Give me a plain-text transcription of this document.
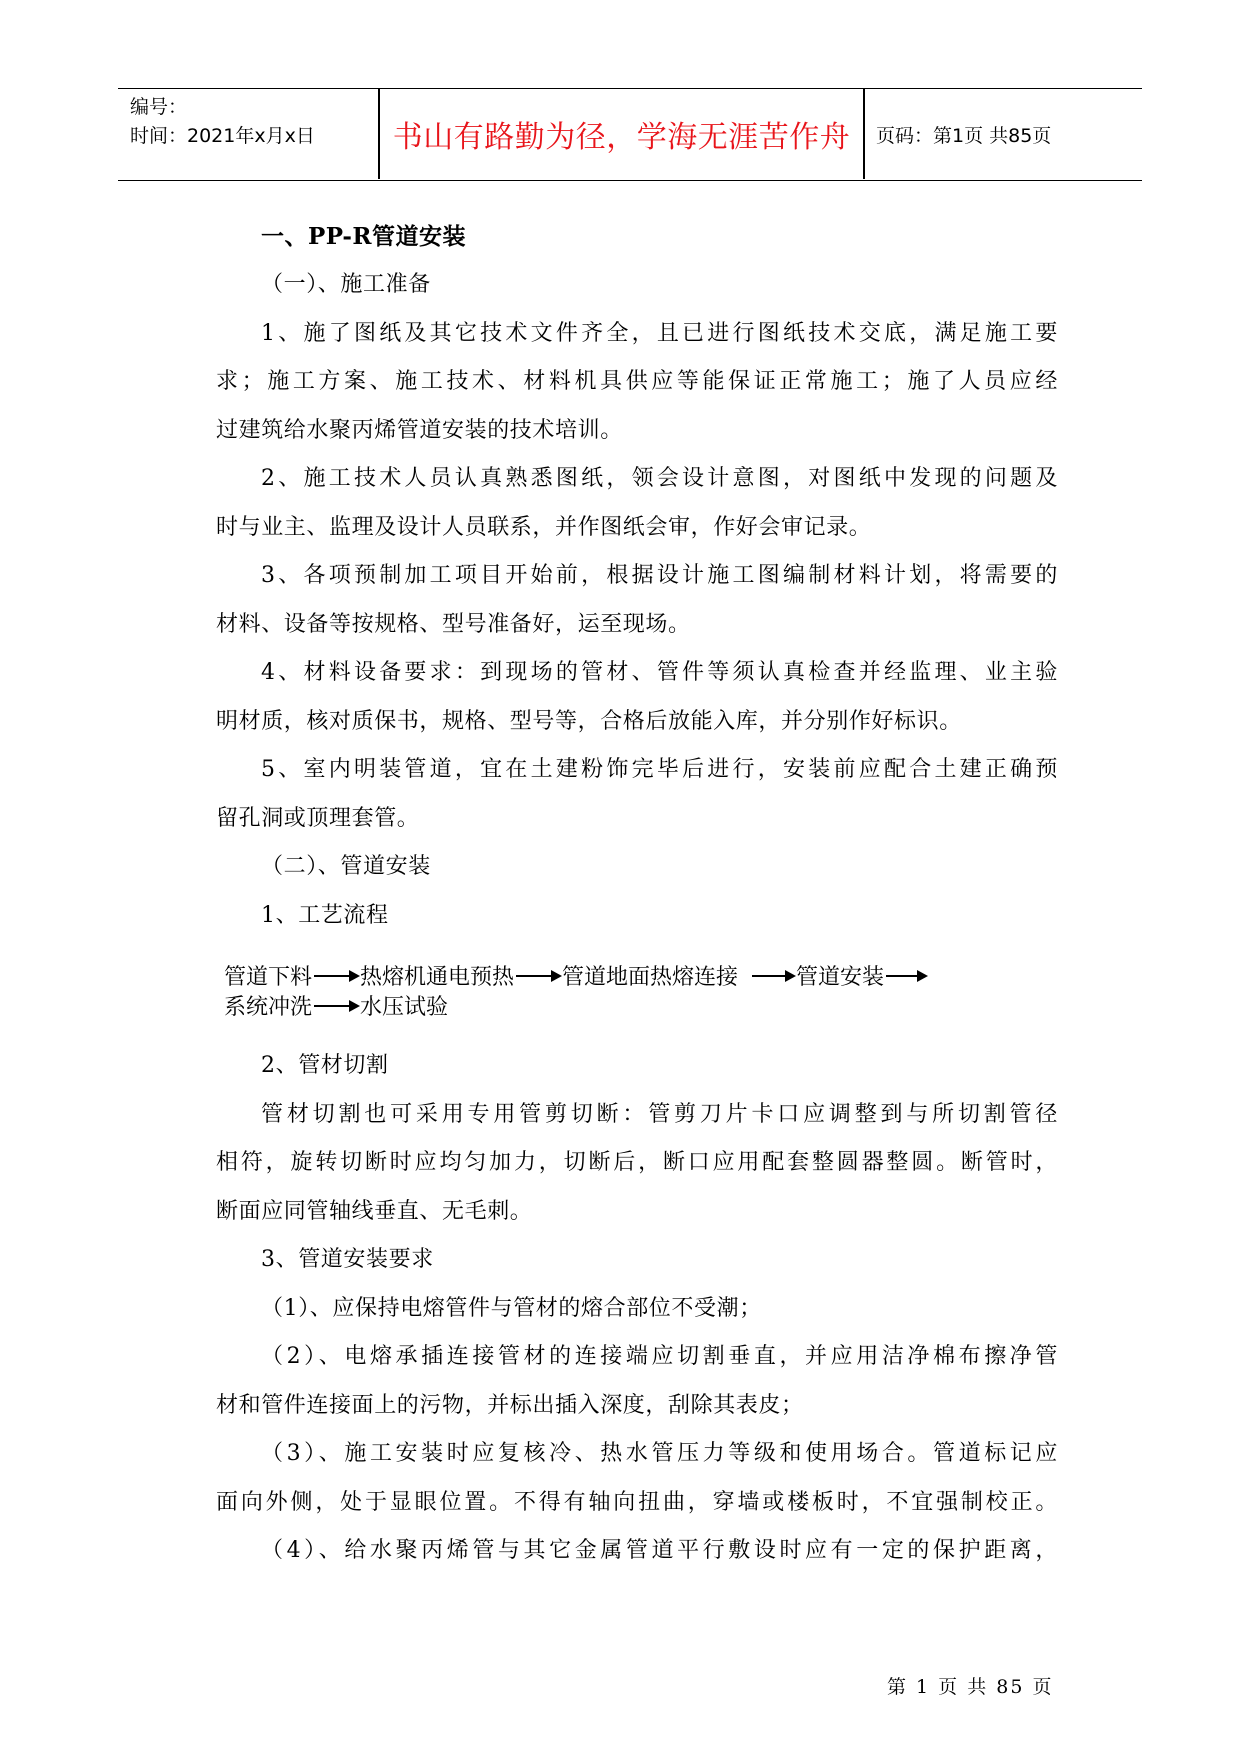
编号：
时间：2021年x月x日	书山有路勤为径，学海无涯苦作舟	页码：第1页 共85页
一、PP-R管道安装
（一）、施工准备
1、施了图纸及其它技术文件齐全，且已进行图纸技术交底，满足施工要
求；施工方案、施工技术、材料机具供应等能保证正常施工；施了人员应经
过建筑给水聚丙烯管道安装的技术培训。
2、施工技术人员认真熟悉图纸，领会设计意图，对图纸中发现的问题及
时与业主、监理及设计人员联系，并作图纸会审，作好会审记录。
3、各项预制加工项目开始前，根据设计施工图编制材料计划，将需要的
材料、设备等按规格、型号准备好，运至现场。
4、材料设备要求：到现场的管材、管件等须认真检查并经监理、业主验
明材质，核对质保书，规格、型号等，合格后放能入库，并分别作好标识。
5、室内明装管道，宜在土建粉饰完毕后进行，安装前应配合土建正确预
留孔洞或顶理套管。
（二）、管道安装
1、工艺流程
管道下料 热熔机通电预热 管道地面热熔连接	管道安装
系统冲洗 水压试验
2、管材切割
管材切割也可采用专用管剪切断：管剪刀片卡口应调整到与所切割管径
相符，旋转切断时应均匀加力，切断后，断口应用配套整圆器整圆。断管时，
断面应同管轴线垂直、无毛刺。
3、管道安装要求
（1）、应保持电熔管件与管材的熔合部位不受潮；
（2）、电熔承插连接管材的连接端应切割垂直，并应用洁净棉布擦净管
材和管件连接面上的污物，并标出插入深度，刮除其表皮；
（3）、施工安装时应复核冷、热水管压力等级和使用场合。管道标记应
面向外侧，处于显眼位置。不得有轴向扭曲，穿墙或楼板时，不宜强制校正。
（4）、给水聚丙烯管与其它金属管道平行敷设时应有一定的保护距离，
第 1 页 共 85 页
